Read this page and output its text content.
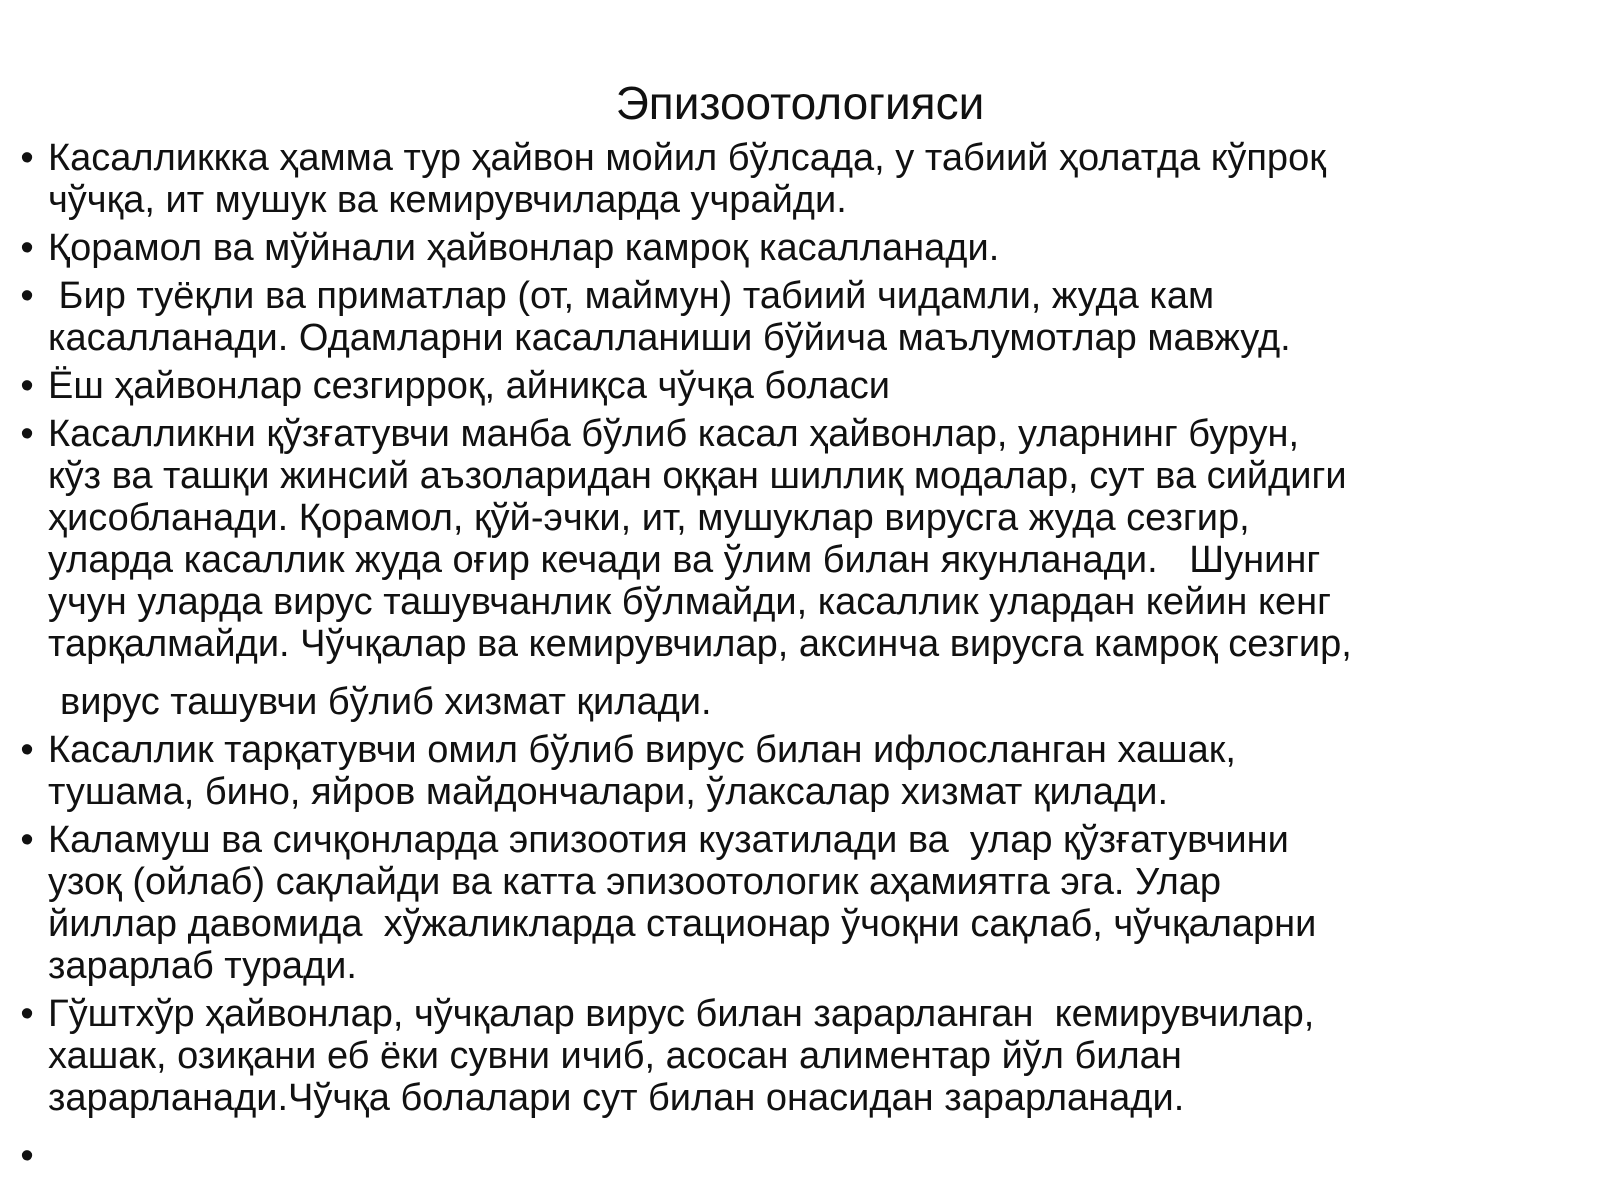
Эпизоотологияси
• Касалликкка ҳамма тур ҳайвон мойил бўлсада, у табиий ҳолатда кўпроқ
чўчқа, ит мушук ва кемирувчиларда учрайди.
• Қорамол ва мўйнали ҳайвонлар камроқ касалланади.
• Бир туёқли ва приматлар (от, маймун) табиий чидамли, жуда кам
касалланади. Одамларни касалланиши бўйича маълумотлар мавжуд.
• Ёш ҳайвонлар сезгирроқ, айниқса чўчқа боласи
• Касалликни қўзғатувчи манба бўлиб касал ҳайвонлар, уларнинг бурун,
кўз ва ташқи жинсий аъзоларидан оққан шиллиқ модалар, сут ва сийдиги
ҳисобланади. Қорамол, қўй-эчки, ит, мушуклар вирусга жуда сезгир,
уларда касаллик жуда оғир кечади ва ўлим билан якунланади.   Шунинг
учун уларда вирус ташувчанлик бўлмайди, касаллик улардан кейин кенг
тарқалмайди. Чўчқалар ва кемирувчилар, аксинча вирусга камроқ сезгир,
вирус ташувчи бўлиб хизмат қилади.
• Касаллик тарқатувчи омил бўлиб вирус билан ифлосланган хашак,
тушама, бино, яйров майдончалари, ўлаксалар хизмат қилади.
• Каламуш ва сичқонларда эпизоотия кузатилади ва  улар қўзғатувчини
узоқ (ойлаб) сақлайди ва катта эпизоотологик аҳамиятга эга. Улар
йиллар давомида  хўжаликларда стационар ўчоқни сақлаб, чўчқаларни
зарарлаб туради.
• Гўштхўр ҳайвонлар, чўчқалар вирус билан зарарланган  кемирувчилар,
хашак, озиқани еб ёки сувни ичиб, асосан алиментар йўл билан
зарарланади.Чўчқа болалари сут билан онасидан зарарланади.
•
